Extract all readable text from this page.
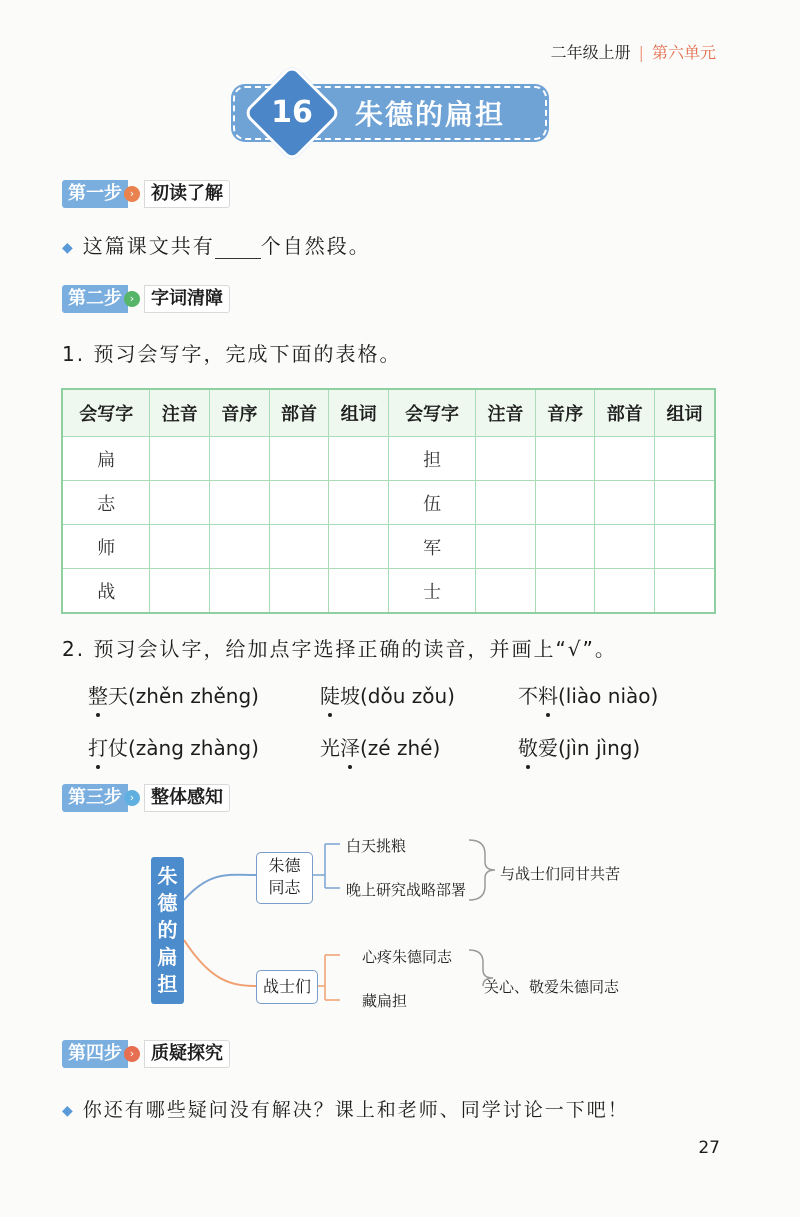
二年级上册 | 第六单元
16	朱德的扁担
第一步 › 初读了解
◆ 这篇课文共有 个自然段。
第二步 › 字词清障
1. 预习会写字，完成下面的表格。
会写字	注音	音序	部首	组词	会写字	注音	音序	部首	组词
扁					担				
志					伍				
师					军				
战					士				
2. 预习会认字，给加点字选择正确的读音，并画上“√”。
整天(zhěn zhěng)	陡坡(dǒu zǒu)	不料(liào niào)
打仗(zàng zhàng)	光泽(zé zhé)	敬爱(jìn jìng)
第三步 › 整体感知
朱
德
的
扁
担
朱德
同志
战士们
白天挑粮
晚上研究战略部署
与战士们同甘共苦
心疼朱德同志
藏扁担
关心、敬爱朱德同志
第四步 › 质疑探究
◆ 你还有哪些疑问没有解决？课上和老师、同学讨论一下吧！
27
